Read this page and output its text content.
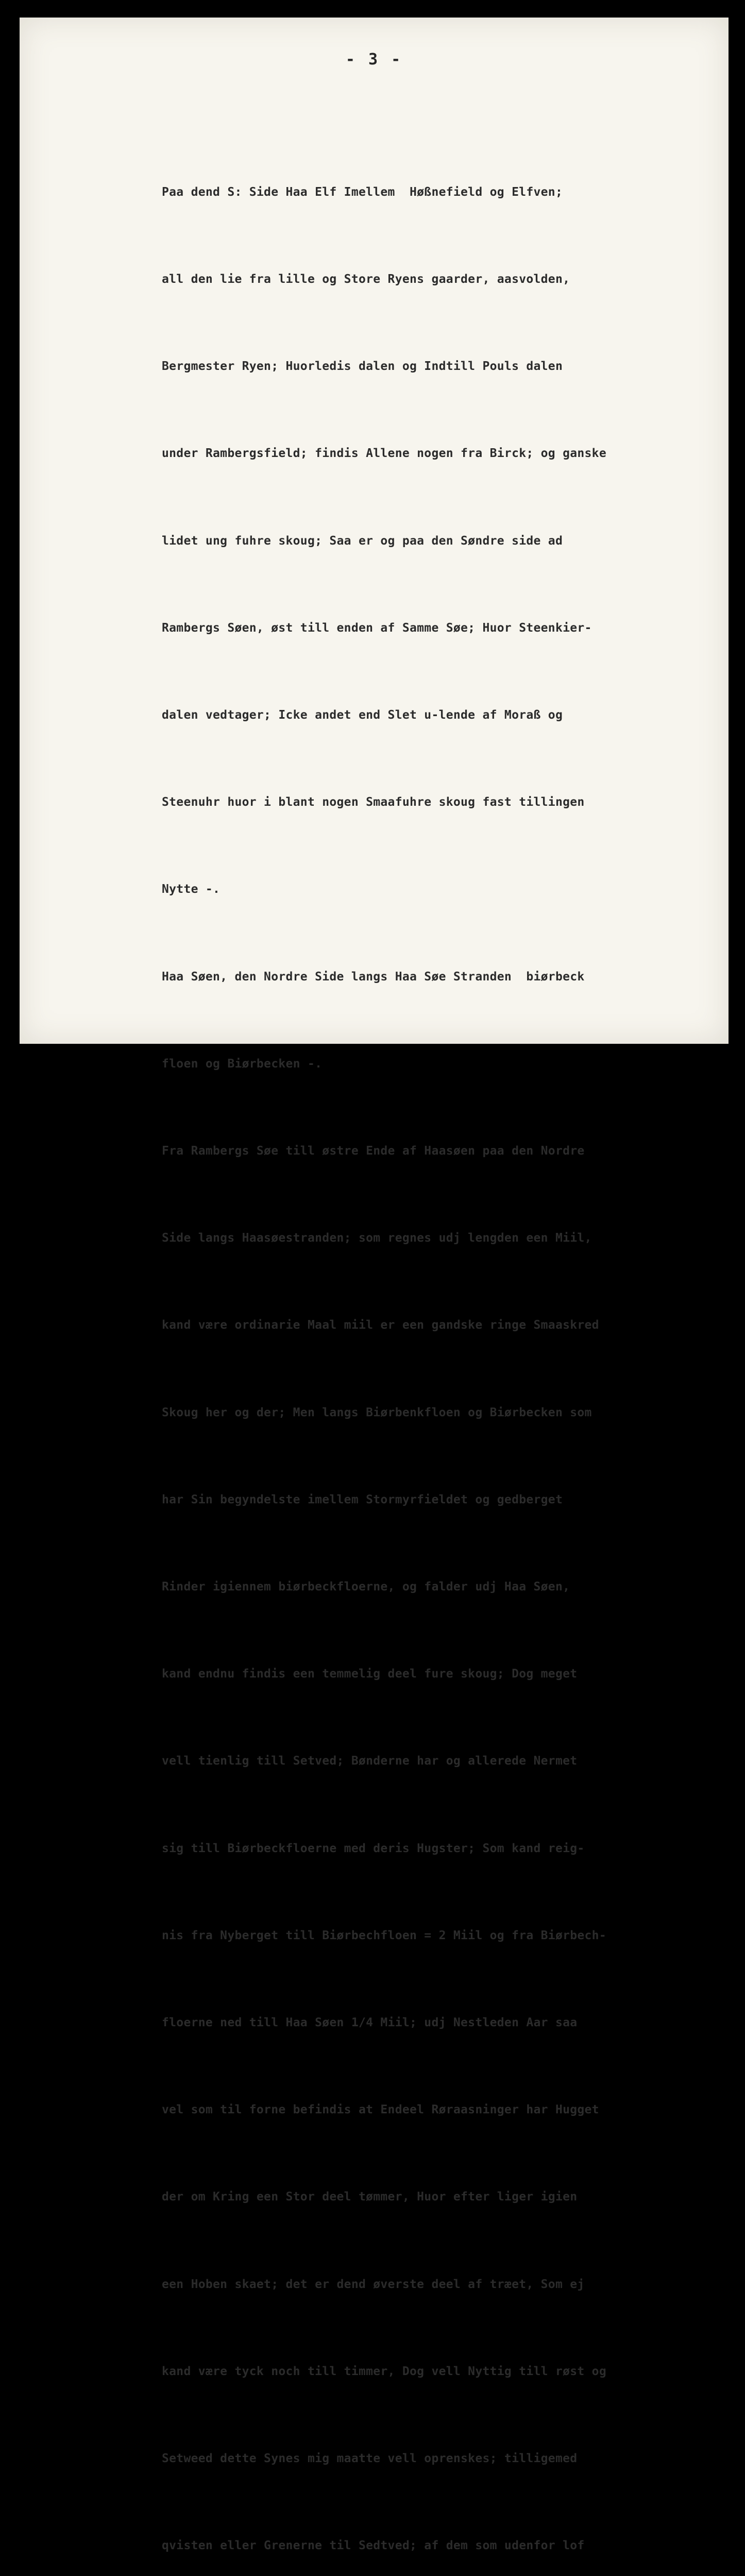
- 3 -

Paa dend S: Side Haa Elf Imellem  Høßnefield og Elfven;

all den lie fra lille og Store Ryens gaarder, aasvolden,

Bergmester Ryen; Huorledis dalen og Indtill Pouls dalen

under Rambergsfield; findis Allene nogen fra Birck; og ganske

lidet ung fuhre skoug; Saa er og paa den Søndre side ad

Rambergs Søen, øst till enden af Samme Søe; Huor Steenkier-

dalen vedtager; Icke andet end Slet u-lende af Moraß og

Steenuhr huor i blant nogen Smaafuhre skoug fast tillingen

Nytte -.

Haa Søen, den Nordre Side langs Haa Søe Stranden  biørbeck

floen og Biørbecken -.

Fra Rambergs Søe till østre Ende af Haasøen paa den Nordre

Side langs Haasøestranden; som regnes udj lengden een Miil,

kand være ordinarie Maal miil er een gandske ringe Smaaskred

Skoug her og der; Men langs Biørbenkfloen og Biørbecken som

har Sin begyndelste imellem Stormyrfieldet og gedberget

Rinder igiennem biørbeckfloerne, og falder udj Haa Søen,

kand endnu findis een temmelig deel fure skoug; Dog meget

vell tienlig till Setved; Bønderne har og allerede Nermet

sig till Biørbeckfloerne med deris Hugster; Som kand reig-

nis fra Nyberget till Biørbechfloen = 2 Miil og fra Biørbech-

floerne ned till Haa Søen 1/4 Miil; udj Nestleden Aar saa

vel som til forne befindis at Endeel Røraasninger har Hugget

der om Kring een Stor deel tømmer, Huor efter liger igien

een Hoben skaet; det er dend øverste deel af træet, Som ej

kand være tyck noch till timmer, Dog vell Nyttig till røst og

Setweed dette Synes mig maatte vell oprenskes; tilligemed

qvisten eller Grenerne til Sedtved; af dem som udenfor lof
